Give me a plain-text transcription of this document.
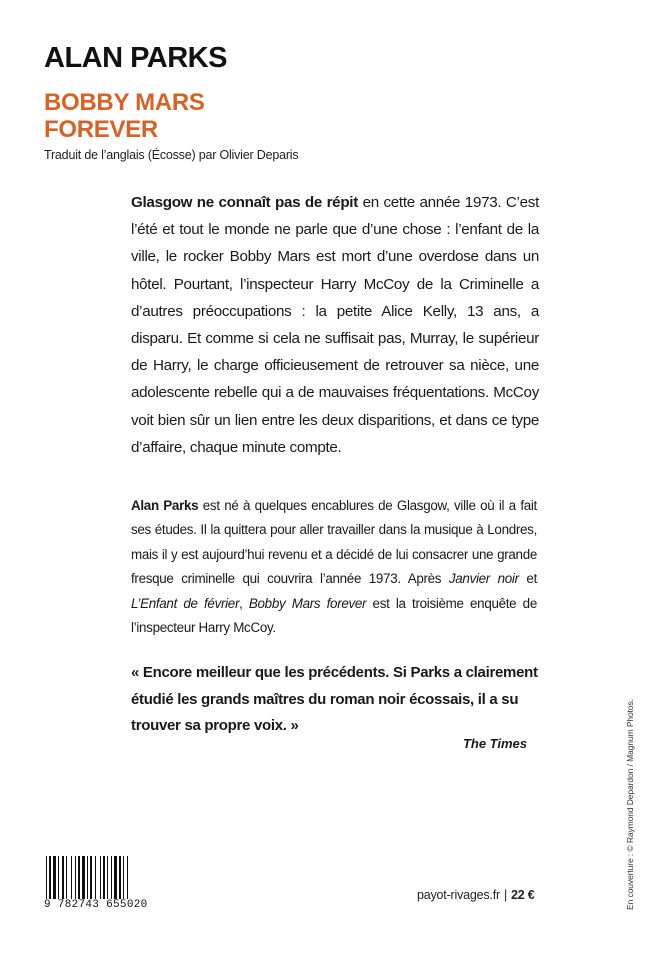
ALAN PARKS
BOBBY MARS
FOREVER

Traduit de l’anglais (Écosse) par Olivier Deparis

Glasgow ne connaît pas de répit en cette année 1973. C’est l’été et tout le monde ne parle que d’une chose : l’enfant de la ville, le rocker Bobby Mars est mort d’une overdose dans un hôtel. Pourtant, l’inspecteur Harry McCoy de la Criminelle a d’autres préoccupations : la petite Alice Kelly, 13 ans, a disparu. Et comme si cela ne suffisait pas, Murray, le supérieur de Harry, le charge officieusement de retrouver sa nièce, une adolescente rebelle qui a de mauvaises fréquentations. McCoy voit bien sûr un lien entre les deux disparitions, et dans ce type d’affaire, chaque minute compte.

Alan Parks est né à quelques encablures de Glasgow, ville où il a fait ses études. Il la quittera pour aller travailler dans la musique à Londres, mais il y est aujourd’hui revenu et a décidé de lui consacrer une grande fresque criminelle qui couvrira l’année 1973. Après Janvier noir et L’Enfant de février, Bobby Mars forever est la troisième enquête de l’inspecteur Harry McCoy.

« Encore meilleur que les précédents. Si Parks a clairement étudié les grands maîtres du roman noir écossais, il a su trouver sa propre voix. »

The Times	En couverture : © Raymond Depardon / Magnum Photos.
9 782743 655020
payot-rivages.fr | 22 €
